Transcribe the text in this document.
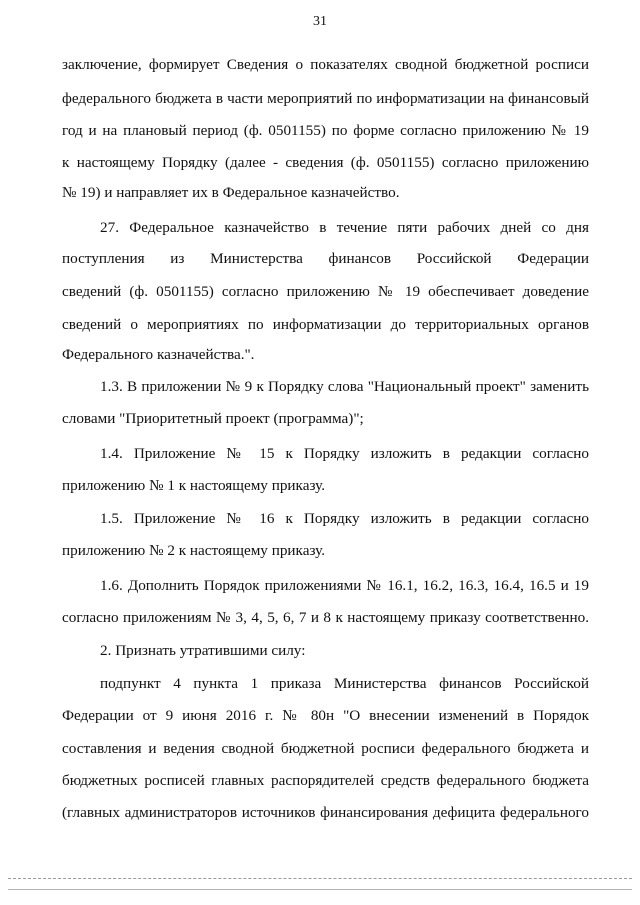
31
заключение, формирует Сведения о показателях сводной бюджетной росписи
федерального бюджета в части мероприятий по информатизации на финансовый
год и на плановый период (ф. 0501155) по форме согласно приложению № 19
к настоящему Порядку (далее - сведения (ф. 0501155) согласно приложению
№ 19) и направляет их в Федеральное казначейство.
27. Федеральное казначейство в течение пяти рабочих дней со дня
поступления из Министерства финансов Российской Федерации
сведений (ф. 0501155) согласно приложению № 19 обеспечивает доведение
сведений о мероприятиях по информатизации до территориальных органов
Федерального казначейства.".
1.3. В приложении № 9 к Порядку слова "Национальный проект" заменить
словами "Приоритетный проект (программа)";
1.4. Приложение № 15 к Порядку изложить в редакции согласно
приложению № 1 к настоящему приказу.
1.5. Приложение № 16 к Порядку изложить в редакции согласно
приложению № 2 к настоящему приказу.
1.6. Дополнить Порядок приложениями № 16.1, 16.2, 16.3, 16.4, 16.5 и 19
согласно приложениям № 3, 4, 5, 6, 7 и 8 к настоящему приказу соответственно.
2. Признать утратившими силу:
подпункт 4 пункта 1 приказа Министерства финансов Российской
Федерации от 9 июня 2016 г. № 80н "О внесении изменений в Порядок
составления и ведения сводной бюджетной росписи федерального бюджета и
бюджетных росписей главных распорядителей средств федерального бюджета
(главных администраторов источников финансирования дефицита федерального
